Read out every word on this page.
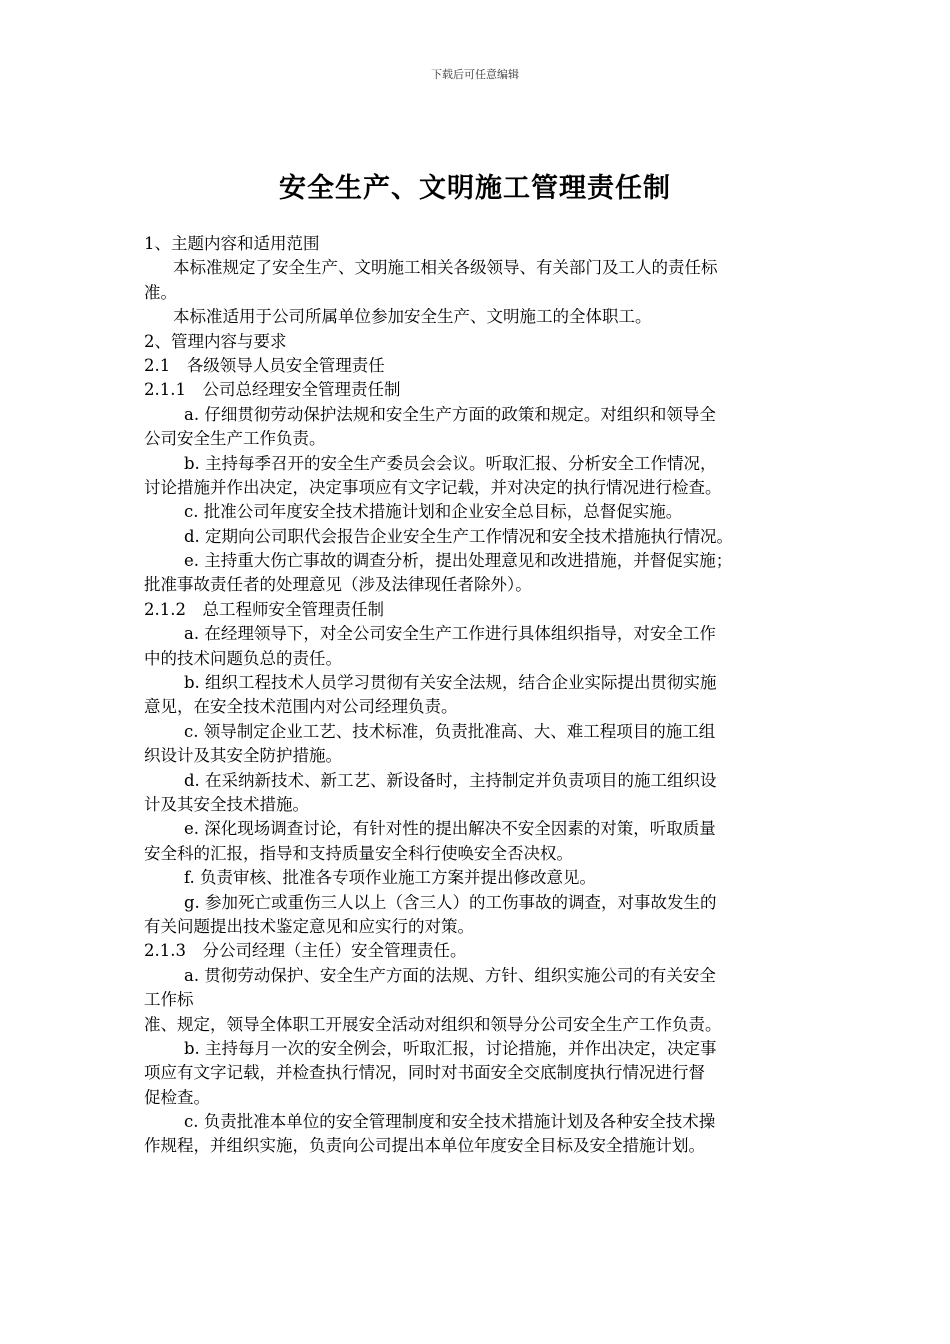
下载后可任意编辑
安全生产、文明施工管理责任制
1、主题内容和适用范围
本标准规定了安全生产、文明施工相关各级领导、有关部门及工人的责任标
准。
本标准适用于公司所属单位参加安全生产、文明施工的全体职工。
2、管理内容与要求
2.1　各级领导人员安全管理责任
2.1.1　公司总经理安全管理责任制
a. 仔细贯彻劳动保护法规和安全生产方面的政策和规定。对组织和领导全
公司安全生产工作负责。
b. 主持每季召开的安全生产委员会会议。听取汇报、分析安全工作情况，
讨论措施并作出决定，决定事项应有文字记载，并对决定的执行情况进行检查。
c. 批准公司年度安全技术措施计划和企业安全总目标，总督促实施。
d. 定期向公司职代会报告企业安全生产工作情况和安全技术措施执行情况。
e. 主持重大伤亡事故的调查分析，提出处理意见和改进措施，并督促实施；
批准事故责任者的处理意见（涉及法律现任者除外）。
2.1.2　总工程师安全管理责任制
a. 在经理领导下，对全公司安全生产工作进行具体组织指导，对安全工作
中的技术问题负总的责任。
b. 组织工程技术人员学习贯彻有关安全法规，结合企业实际提出贯彻实施
意见，在安全技术范围内对公司经理负责。
c. 领导制定企业工艺、技术标准，负责批准高、大、难工程项目的施工组
织设计及其安全防护措施。
d. 在采纳新技术、新工艺、新设备时，主持制定并负责项目的施工组织设
计及其安全技术措施。
e. 深化现场调查讨论，有针对性的提出解决不安全因素的对策，听取质量
安全科的汇报，指导和支持质量安全科行使唤安全否决权。
f. 负责审核、批准各专项作业施工方案并提出修改意见。
g. 参加死亡或重伤三人以上（含三人）的工伤事故的调查，对事故发生的
有关问题提出技术鉴定意见和应实行的对策。
2.1.3　分公司经理（主任）安全管理责任。
a. 贯彻劳动保护、安全生产方面的法规、方针、组织实施公司的有关安全
工作标
准、规定，领导全体职工开展安全活动对组织和领导分公司安全生产工作负责。
b. 主持每月一次的安全例会，听取汇报，讨论措施，并作出决定，决定事
项应有文字记载，并检查执行情况，同时对书面安全交底制度执行情况进行督
促检查。
c. 负责批准本单位的安全管理制度和安全技术措施计划及各种安全技术操
作规程，并组织实施，负责向公司提出本单位年度安全目标及安全措施计划。
